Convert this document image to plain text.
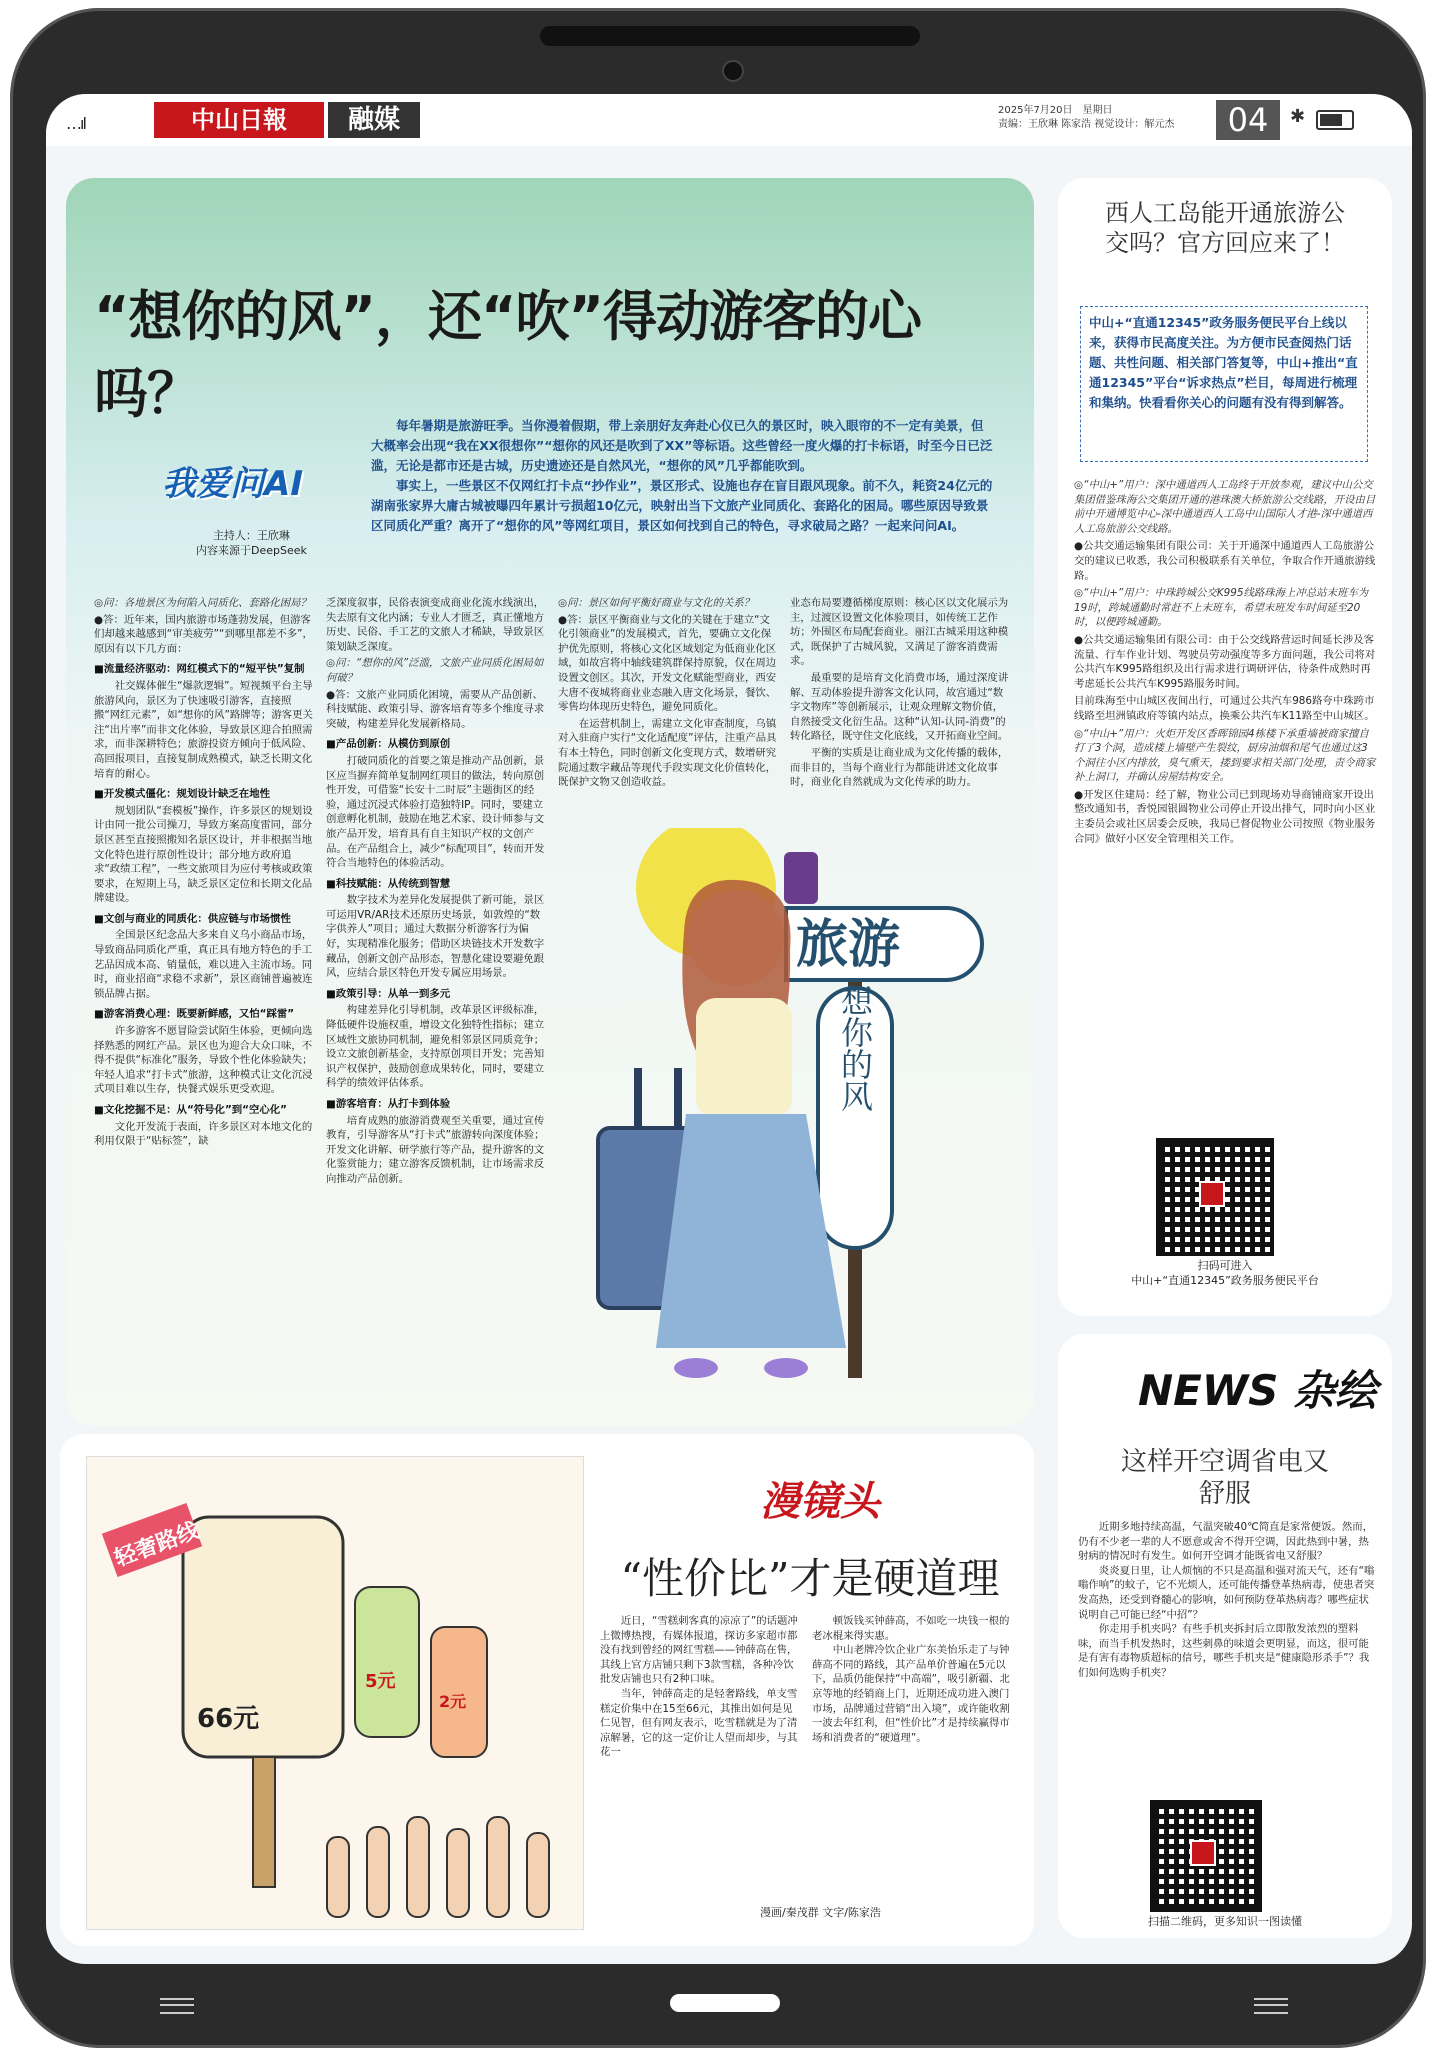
…ıl	中山日報	融媒	2025年7月20日　星期日
责编：王欣琳 陈家浩 视觉设计：解元杰	04	✱
“想你的风”，还“吹”得动游客的心吗？
我爱问AI
主持人：王欣琳
内容来源于DeepSeek

每年暑期是旅游旺季。当你漫着假期，带上亲朋好友奔赴心仪已久的景区时，映入眼帘的不一定有美景，但大概率会出现“我在XX很想你”“想你的风还是吹到了XX”等标语。这些曾经一度火爆的打卡标语，时至今日已泛滥，无论是都市还是古城，历史遗迹还是自然风光，“想你的风”几乎都能吹到。

事实上，一些景区不仅网红打卡点“抄作业”，景区形式、设施也存在盲目跟风现象。前不久，耗资24亿元的湖南张家界大庸古城被曝四年累计亏损超10亿元，映射出当下文旅产业同质化、套路化的困局。哪些原因导致景区同质化严重？离开了“想你的风”等网红项目，景区如何找到自己的特色，寻求破局之路？一起来问问AI。

◎问：各地景区为何陷入同质化、套路化困局？

●答：近年来，国内旅游市场蓬勃发展，但游客们却越来越感到“审美疲劳”“到哪里都差不多”，原因有以下几方面：

■流量经济驱动：网红模式下的“短平快”复制

社交媒体催生“爆款逻辑”。短视频平台主导旅游风向，景区为了快速吸引游客，直接照搬“网红元素”，如“想你的风”路牌等；游客更关注“出片率”而非文化体验，导致景区迎合拍照需求，而非深耕特色；旅游投资方倾向于低风险、高回报项目，直接复制成熟模式，缺乏长期文化培育的耐心。

■开发模式僵化：规划设计缺乏在地性

规划团队“套模板”操作，许多景区的规划设计由同一批公司操刀，导致方案高度雷同，部分景区甚至直接照搬知名景区设计，并非根据当地文化特色进行原创性设计；部分地方政府追求“政绩工程”，一些文旅项目为应付考核或政策要求，在短期上马，缺乏景区定位和长期文化品牌建设。

■文创与商业的同质化：供应链与市场惯性

全国景区纪念品大多来自义乌小商品市场，导致商品同质化严重，真正具有地方特色的手工艺品因成本高、销量低，难以进入主流市场。同时，商业招商“求稳不求新”，景区商铺普遍被连锁品牌占据。

■游客消费心理：既要新鲜感，又怕“踩雷”

许多游客不愿冒险尝试陌生体验，更倾向选择熟悉的网红产品。景区也为迎合大众口味，不得不提供“标准化”服务，导致个性化体验缺失；年轻人追求“打卡式”旅游，这种模式让文化沉浸式项目难以生存，快餐式娱乐更受欢迎。

■文化挖掘不足：从“符号化”到“空心化”

文化开发流于表面，许多景区对本地文化的利用仅限于“贴标签”，缺

乏深度叙事，民俗表演变成商业化流水线演出，失去原有文化内涵；专业人才匮乏，真正懂地方历史、民俗、手工艺的文旅人才稀缺，导致景区策划缺乏深度。

◎问：“想你的风”泛滥，文旅产业同质化困局如何破？

●答：文旅产业同质化困境，需要从产品创新、科技赋能、政策引导、游客培育等多个维度寻求突破，构建差异化发展新格局。

■产品创新：从模仿到原创

打破同质化的首要之策是推动产品创新，景区应当摒弃简单复制网红项目的做法，转向原创性开发，可借鉴“长安十二时辰”主题街区的经验，通过沉浸式体验打造独特IP。同时，要建立创意孵化机制，鼓励在地艺术家、设计师参与文旅产品开发，培育具有自主知识产权的文创产品。在产品组合上，减少“标配项目”，转而开发符合当地特色的体验活动。

■科技赋能：从传统到智慧

数字技术为差异化发展提供了新可能，景区可运用VR/AR技术还原历史场景，如敦煌的“数字供养人”项目；通过大数据分析游客行为偏好，实现精准化服务；借助区块链技术开发数字藏品，创新文创产品形态，智慧化建设要避免跟风，应结合景区特色开发专属应用场景。

■政策引导：从单一到多元

构建差异化引导机制，改革景区评级标准，降低硬件设施权重，增设文化独特性指标；建立区域性文旅协同机制，避免相邻景区同质竞争；设立文旅创新基金，支持原创项目开发；完善知识产权保护，鼓励创意成果转化，同时，要建立科学的绩效评估体系。

■游客培育：从打卡到体验

培育成熟的旅游消费观至关重要，通过宣传教育，引导游客从“打卡式”旅游转向深度体验；开发文化讲解、研学旅行等产品，提升游客的文化鉴赏能力；建立游客反馈机制，让市场需求反向推动产品创新。

◎问：景区如何平衡好商业与文化的关系？

●答：景区平衡商业与文化的关键在于建立“文化引领商业”的发展模式，首先，要确立文化保护优先原则，将核心文化区域划定为低商业化区域，如故宫将中轴线建筑群保持原貌，仅在周边设置文创区。其次，开发文化赋能型商业，西安大唐不夜城将商业业态融入唐文化场景，餐饮、零售均体现历史特色，避免同质化。

在运营机制上，需建立文化审查制度，乌镇对入驻商户实行“文化适配度”评估，注重产品具有本土特色，同时创新文化变现方式，数增研究院通过数字藏品等现代手段实现文化价值转化，既保护文物又创造收益。

业态布局要遵循梯度原则：核心区以文化展示为主，过渡区设置文化体验项目，如传统工艺作坊；外围区布局配套商业。丽江古城采用这种模式，既保护了古城风貌，又满足了游客消费需求。

最重要的是培育文化消费市场，通过深度讲解、互动体验提升游客文化认同，故宫通过“数字文物库”等创新展示，让观众理解文物价值，自然接受文化衍生品。这种“认知-认同-消费”的转化路径，既守住文化底线，又开拓商业空间。

平衡的实质是让商业成为文化传播的载体，而非目的，当每个商业行为都能讲述文化故事时，商业化自然就成为文化传承的助力。

旅游
想你的风
西人工岛能开通旅游公交吗？官方回应来了！
中山+“直通12345”政务服务便民平台上线以来，获得市民高度关注。为方便市民查阅热门话题、共性问题、相关部门答复等，中山+推出“直通12345”平台“诉求热点”栏目，每周进行梳理和集纳。快看看你关心的问题有没有得到解答。

◎“中山+”用户：深中通道西人工岛终于开放参观，建议中山公交集团借鉴珠海公交集团开通的港珠澳大桥旅游公交线路，开设由目前中开通博览中心-深中通道西人工岛中山国际人才港-深中通道西人工岛旅游公交线路。

●公共交通运输集团有限公司：关于开通深中通道西人工岛旅游公交的建议已收悉，我公司积极联系有关单位，争取合作开通旅游线路。

◎“中山+”用户：中珠跨城公交K995线路珠海上冲总站末班车为19时，跨城通勤时常赶不上末班车，希望末班发车时间延至20时，以便跨城通勤。

●公共交通运输集团有限公司：由于公交线路营运时间延长涉及客流量、行车作业计划、驾驶员劳动强度等多方面问题，我公司将对公共汽车K995路组织及出行需求进行调研评估，待条件成熟时再考虑延长公共汽车K995路服务时间。

目前珠海至中山城区夜间出行，可通过公共汽车986路夸中珠跨市线路至坦洲镇政府等镇内站点，换乘公共汽车K11路至中山城区。

◎“中山+”用户：火炬开发区香晖锦园4栋楼下承重墙被商家擅自打了3个洞，造成楼上墙壁产生裂纹，厨房油烟和尾气也通过这3个洞往小区内排放，臭气熏天，搂到要求相关部门处理，责令商家补上洞口，并确认房屋结构安全。

●开发区住建局：经了解，物业公司已到现场劝导商铺商家开设出整改通知书，香悦园银圆物业公司停止开设出排气，同时向小区业主委员会或社区居委会反映，我局已督促物业公司按照《物业服务合同》做好小区安全管理相关工作。

扫码可进入
中山+“直通12345”政务服务便民平台
NEWS 杂绘
这样开空调省电又舒服

近期多地持续高温，气温突破40℃简直是家常便饭。然而，仍有不少老一辈的人不愿意或舍不得开空调，因此热到中暑，热射病的情况时有发生。如何开空调才能既省电又舒服？

炎炎夏日里，让人烦恼的不只是高温和强对流天气，还有“嗡嗡作响”的蚊子，它不光烦人，还可能传播登革热病毒，使患者突发高热，还受到脊髓心的影响，如何预防登革热病毒？哪些症状说明自己可能已经“中招”？

你走用手机夹吗？有些手机夹拆封后立即散发浓烈的塑料味，而当手机发热时，这些刺鼻的味道会更明显，而这，很可能是有害有毒物质超标的信号，哪些手机夹是“健康隐形杀手”？我们如何选购手机夹？

扫描二维码，更多知识一图读懂
轻奢路线
66元
5元
2元
漫镜头
“性价比”才是硬道理

近日，“雪糕刺客真的凉凉了”的话题冲上微博热搜，有媒体报道，探访多家超市都没有找到曾经的网红雪糕——钟薛高在售，其线上官方店铺只剩下3款雪糕，各种冷饮批发店铺也只有2种口味。

当年，钟薛高走的是轻奢路线，单支雪糕定价集中在15至66元，其推出如何是见仁见智，但有网友表示，吃雪糕就是为了清凉解暑，它的这一定价让人望而却步，与其花一

顿饭钱买钟薛高，不如吃一块钱一根的老冰棍来得实惠。

中山老牌冷饮企业广东美怡乐走了与钟薛高不同的路线，其产品单价普遍在5元以下，品质仍能保持“中高端”，吸引新疆、北京等地的经销商上门，近期还成功进入澳门市场，品牌通过营销“出入境”，或许能收割一波去年红利，但“性价比”才是持续赢得市场和消费者的“硬道理”。

漫画/秦茂群 文字/陈家浩
